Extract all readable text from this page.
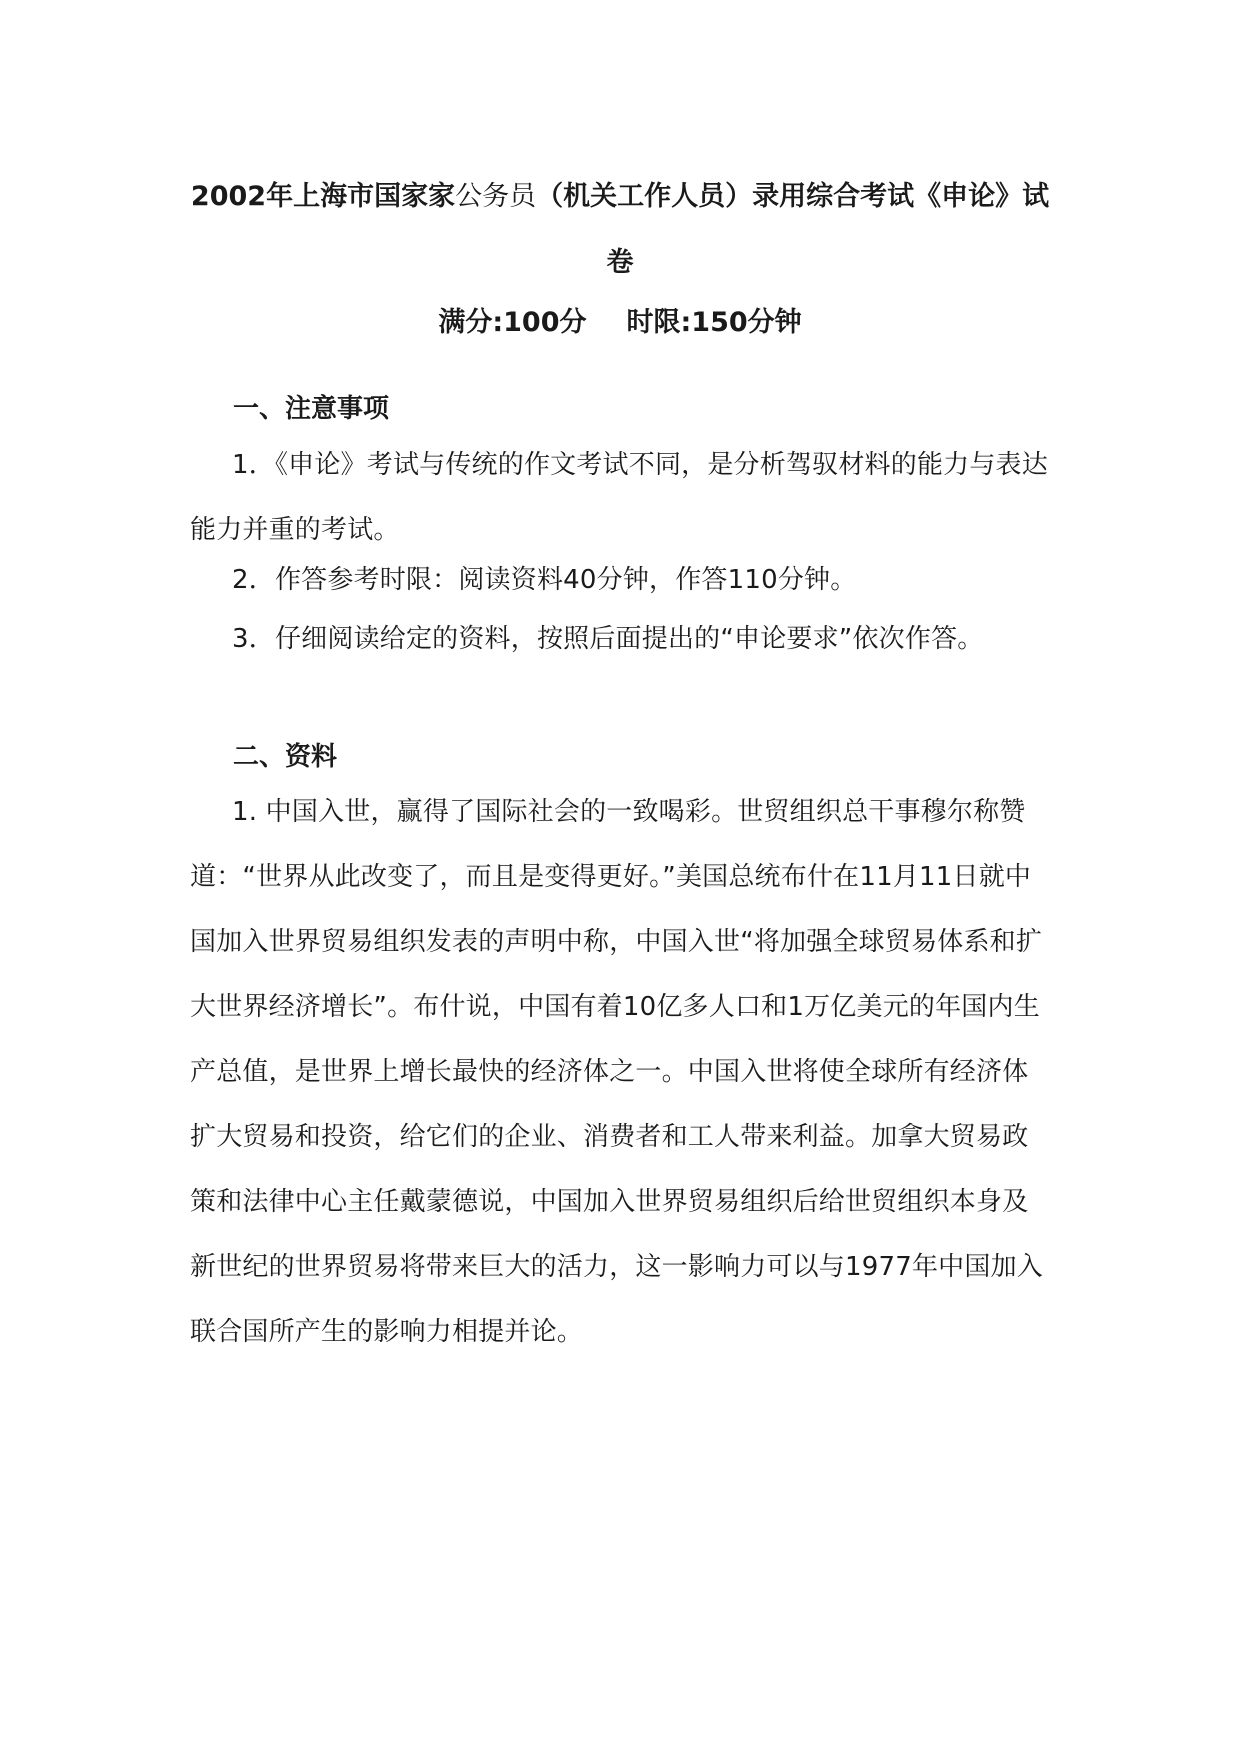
2002年上海市国家家公务员（机关工作人员）录用综合考试《申论》试卷
满分:100分 时限:150分钟
一、注意事项
1．《申论》考试与传统的作文考试不同，是分析驾驭材料的能力与表达能力并重的考试。
2．作答参考时限：阅读资料40分钟，作答110分钟。
3．仔细阅读给定的资料，按照后面提出的“申论要求”依次作答。
二、资料
1. 中国入世，赢得了国际社会的一致喝彩。世贸组织总干事穆尔称赞道：“世界从此改变了，而且是变得更好。”美国总统布什在11月11日就中国加入世界贸易组织发表的声明中称，中国入世“将加强全球贸易体系和扩大世界经济增长”。布什说，中国有着10亿多人口和1万亿美元的年国内生产总值，是世界上增长最快的经济体之一。中国入世将使全球所有经济体扩大贸易和投资，给它们的企业、消费者和工人带来利益。加拿大贸易政策和法律中心主任戴蒙德说，中国加入世界贸易组织后给世贸组织本身及新世纪的世界贸易将带来巨大的活力，这一影响力可以与1977年中国加入联合国所产生的影响力相提并论。
